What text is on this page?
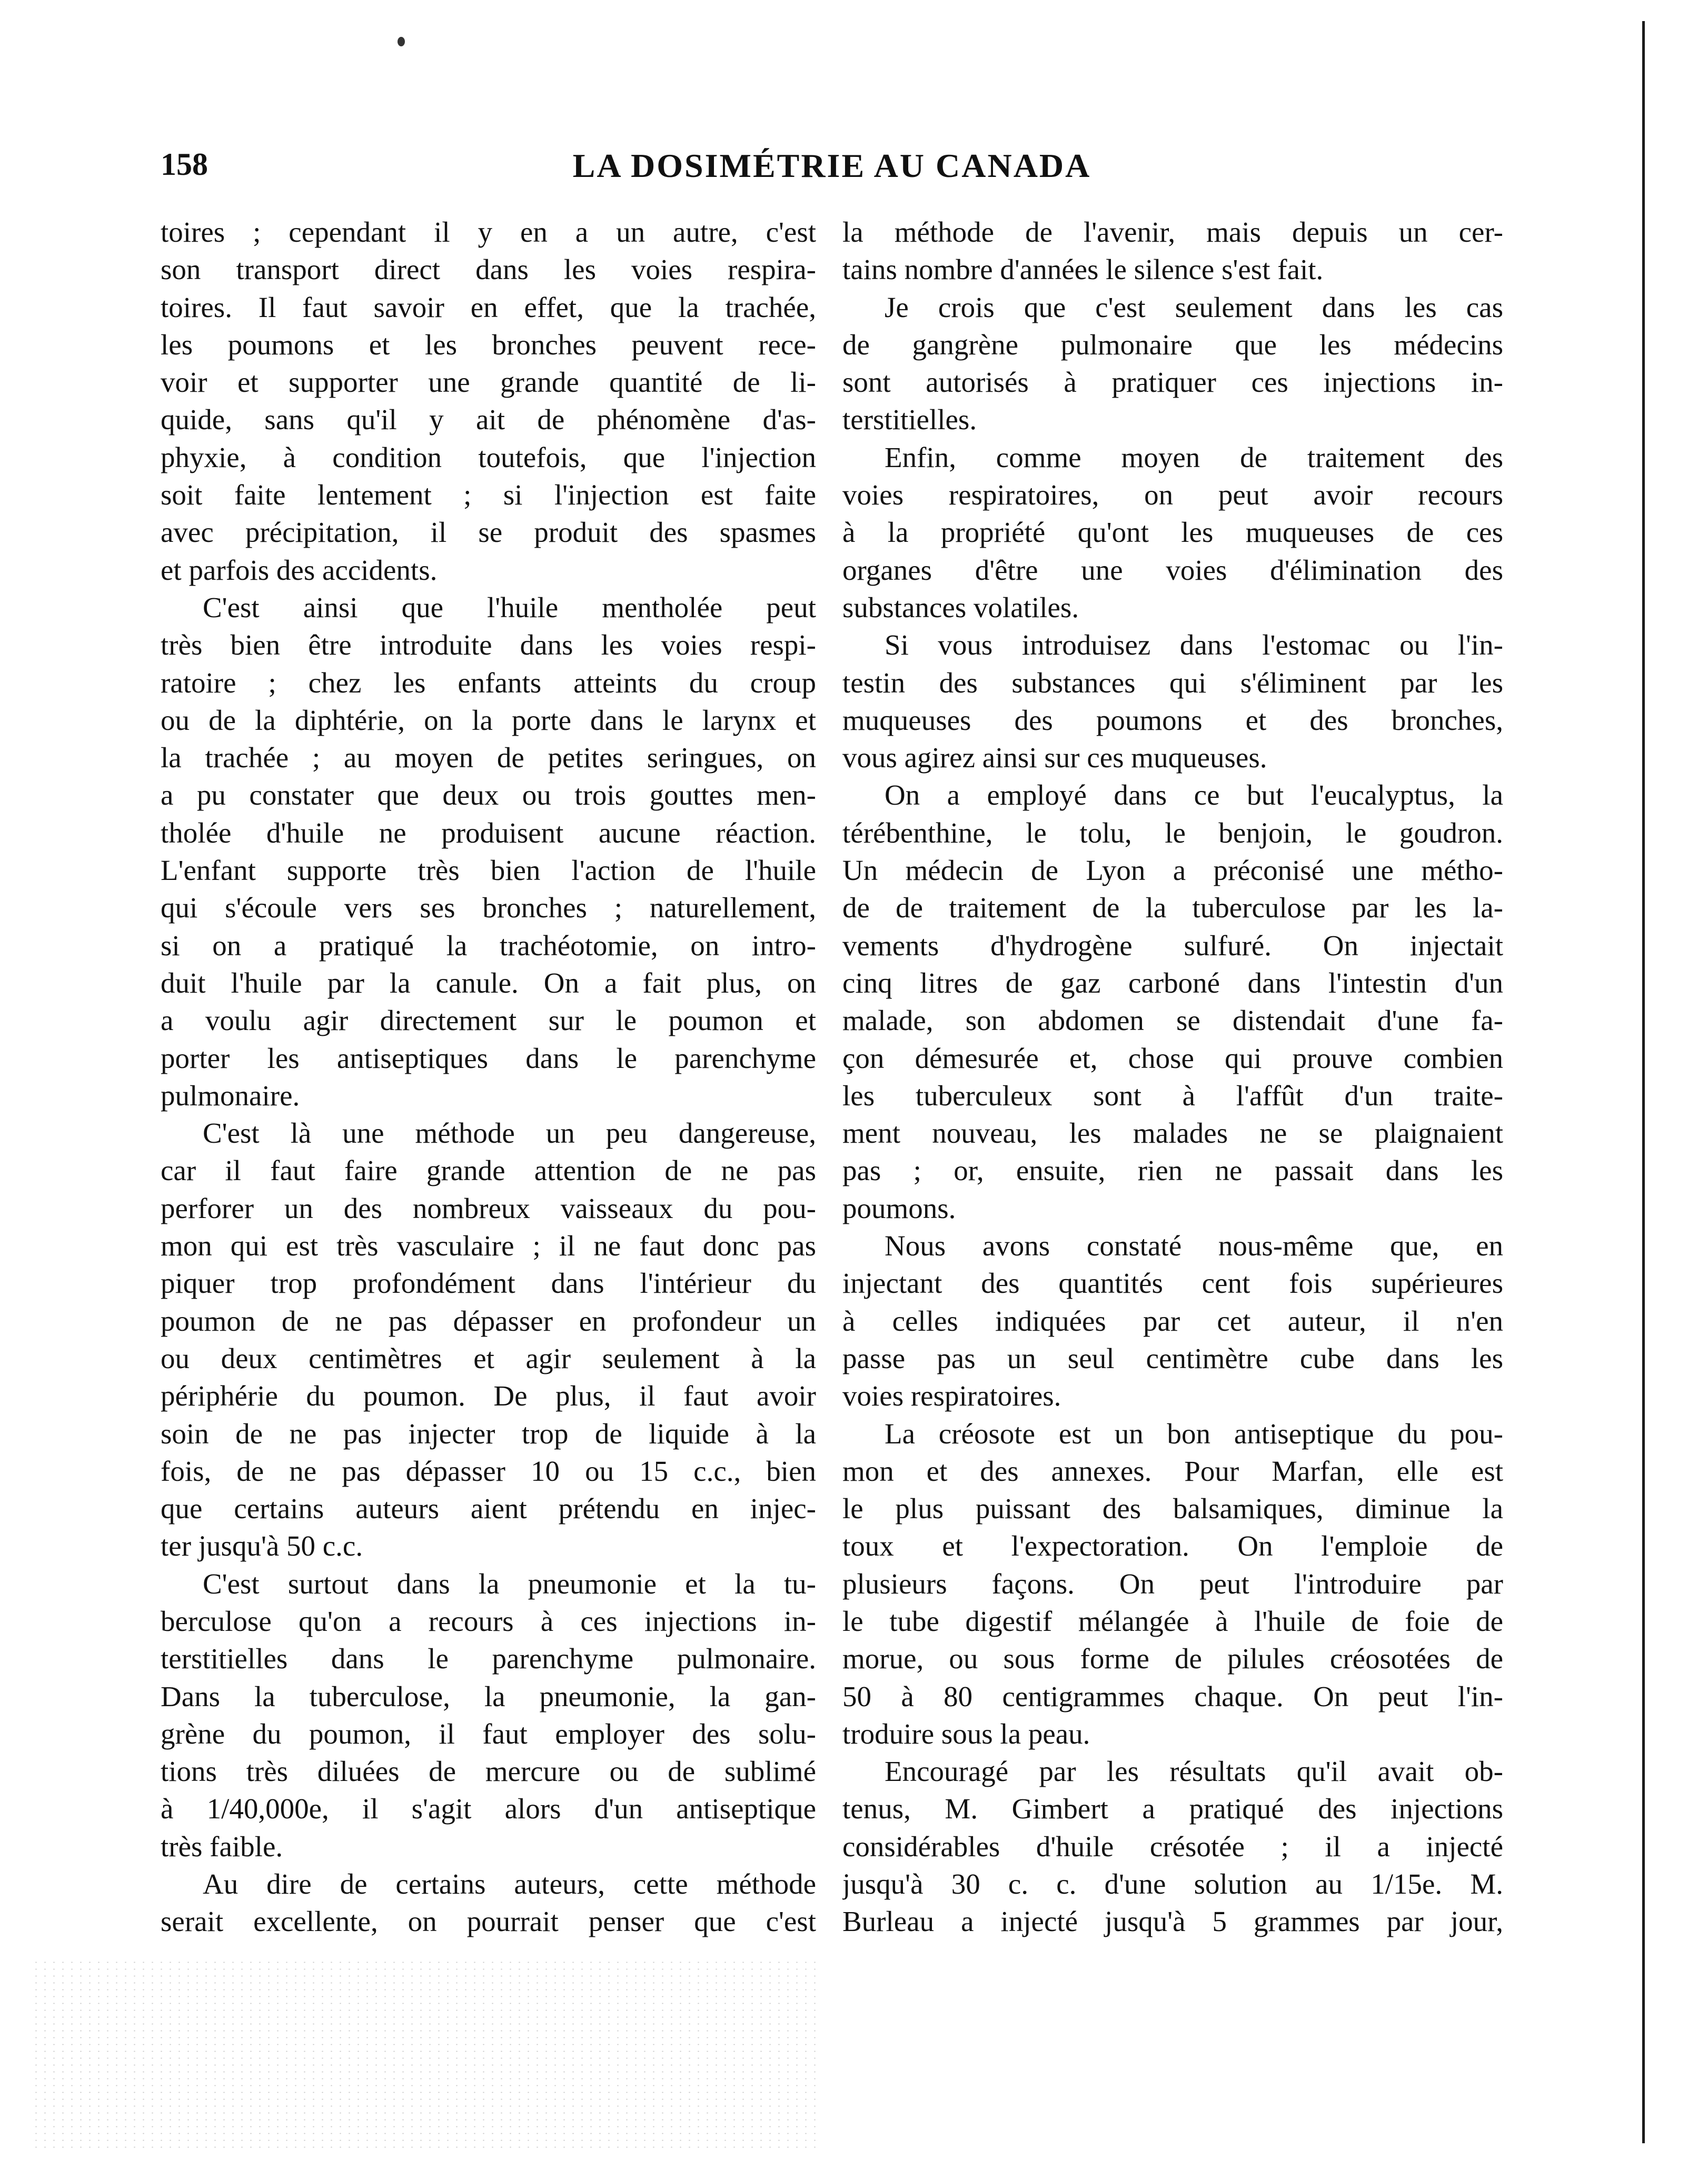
158	LA DOSIMÉTRIE AU CANADA
toires ; cependant il y en a un autre, c'est
son transport direct dans les voies respira-
toires. Il faut savoir en effet, que la trachée,
les poumons et les bronches peuvent rece-
voir et supporter une grande quantité de li-
quide, sans qu'il y ait de phénomène d'as-
phyxie, à condition toutefois, que l'injection
soit faite lentement ; si l'injection est faite
avec précipitation, il se produit des spasmes
et parfois des accidents.
C'est ainsi que l'huile mentholée peut
très bien être introduite dans les voies respi-
ratoire ; chez les enfants atteints du croup
ou de la diphtérie, on la porte dans le larynx et
la trachée ; au moyen de petites seringues, on
a pu constater que deux ou trois gouttes men-
tholée d'huile ne produisent aucune réaction.
L'enfant supporte très bien l'action de l'huile
qui s'écoule vers ses bronches ; naturellement,
si on a pratiqué la trachéotomie, on intro-
duit l'huile par la canule. On a fait plus, on
a voulu agir directement sur le poumon et
porter les antiseptiques dans le parenchyme
pulmonaire.
C'est là une méthode un peu dangereuse,
car il faut faire grande attention de ne pas
perforer un des nombreux vaisseaux du pou-
mon qui est très vasculaire ; il ne faut donc pas
piquer trop profondément dans l'intérieur du
poumon de ne pas dépasser en profondeur un
ou deux centimètres et agir seulement à la
périphérie du poumon. De plus, il faut avoir
soin de ne pas injecter trop de liquide à la
fois, de ne pas dépasser 10 ou 15 c.c., bien
que certains auteurs aient prétendu en injec-
ter jusqu'à 50 c.c.
C'est surtout dans la pneumonie et la tu-
berculose qu'on a recours à ces injections in-
terstitielles dans le parenchyme pulmonaire.
Dans la tuberculose, la pneumonie, la gan-
grène du poumon, il faut employer des solu-
tions très diluées de mercure ou de sublimé
à 1/40,000e, il s'agit alors d'un antiseptique
très faible.
Au dire de certains auteurs, cette méthode
serait excellente, on pourrait penser que c'est
la méthode de l'avenir, mais depuis un cer-
tains nombre d'années le silence s'est fait.
Je crois que c'est seulement dans les cas
de gangrène pulmonaire que les médecins
sont autorisés à pratiquer ces injections in-
terstitielles.
Enfin, comme moyen de traitement des
voies respiratoires, on peut avoir recours
à la propriété qu'ont les muqueuses de ces
organes d'être une voies d'élimination des
substances volatiles.
Si vous introduisez dans l'estomac ou l'in-
testin des substances qui s'éliminent par les
muqueuses des poumons et des bronches,
vous agirez ainsi sur ces muqueuses.
On a employé dans ce but l'eucalyptus, la
térébenthine, le tolu, le benjoin, le goudron.
Un médecin de Lyon a préconisé une métho-
de de traitement de la tuberculose par les la-
vements d'hydrogène sulfuré. On injectait
cinq litres de gaz carboné dans l'intestin d'un
malade, son abdomen se distendait d'une fa-
çon démesurée et, chose qui prouve combien
les tuberculeux sont à l'affût d'un traite-
ment nouveau, les malades ne se plaignaient
pas ; or, ensuite, rien ne passait dans les
poumons.
Nous avons constaté nous-même que, en
injectant des quantités cent fois supérieures
à celles indiquées par cet auteur, il n'en
passe pas un seul centimètre cube dans les
voies respiratoires.
La créosote est un bon antiseptique du pou-
mon et des annexes. Pour Marfan, elle est
le plus puissant des balsamiques, diminue la
toux et l'expectoration. On l'emploie de
plusieurs façons. On peut l'introduire par
le tube digestif mélangée à l'huile de foie de
morue, ou sous forme de pilules créosotées de
50 à 80 centigrammes chaque. On peut l'in-
troduire sous la peau.
Encouragé par les résultats qu'il avait ob-
tenus, M. Gimbert a pratiqué des injections
considérables d'huile crésotée ; il a injecté
jusqu'à 30 c. c. d'une solution au 1/15e. M.
Burleau a injecté jusqu'à 5 grammes par jour,
